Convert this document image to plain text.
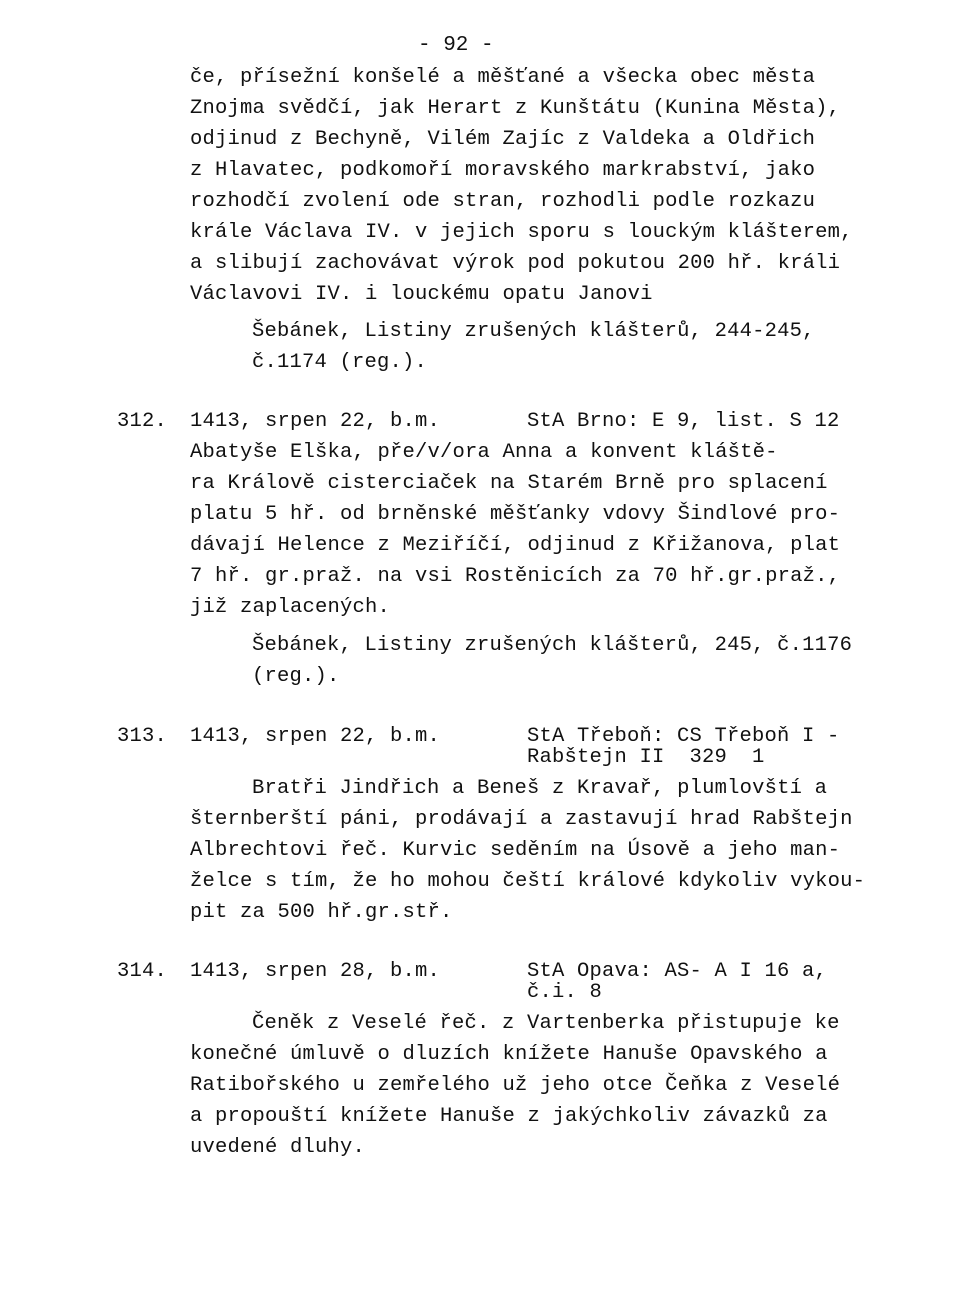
- 92 -
če, přísežní konšelé a měšťané a všecka obec města
Znojma svědčí, jak Herart z Kunštátu (Kunina Města),
odjinud z Bechyně, Vilém Zajíc z Valdeka a Oldřich
z Hlavatec, podkomoří moravského markrabství, jako
rozhodčí zvolení ode stran, rozhodli podle rozkazu
krále Václava IV. v jejich sporu s louckým klášterem,
a slibují zachovávat výrok pod pokutou 200 hř. králi
Václavovi IV. i louckému opatu Janovi
Šebánek, Listiny zrušených klášterů, 244-245,
č.1174 (reg.).
312. 1413, srpen 22, b.m.	StA Brno: E 9, list. S 12
Abatyše Elška, pře/v/ora Anna a konvent kláště-
ra Královĕ cisterciaček na Starém Brně pro splacení
platu 5 hř. od brněnské měšťanky vdovy Šindlové pro-
dávají Helence z Meziříčí, odjinud z Křižanova, plat
7 hř. gr.praž. na vsi Rostěnicích za 70 hř.gr.praž.,
již zaplacených.
Šebánek, Listiny zrušených klášterů, 245, č.1176
(reg.).
313. 1413, srpen 22, b.m.	StA Třeboň: CS Třeboň I -
Rabštejn II  329  1
Bratři Jindřich a Beneš z Kravař, plumlovští a
šternberští páni, prodávají a zastavují hrad Rabštejn
Albrechtovi řeč. Kurvic seděním na Úsově a jeho man-
želce s tím, že ho mohou čeští králové kdykoliv vykou-
pit za 500 hř.gr.stř.
314. 1413, srpen 28, b.m.	StA Opava: AS- A I 16 a,
č.i. 8
Čeněk z Veselé řeč. z Vartenberka přistupuje ke
konečné úmluvě o dluzích knížete Hanuše Opavského a
Ratibořského u zemřelého už jeho otce Čeňka z Veselé
a propouští knížete Hanuše z jakýchkoliv závazků za
uvedené dluhy.
